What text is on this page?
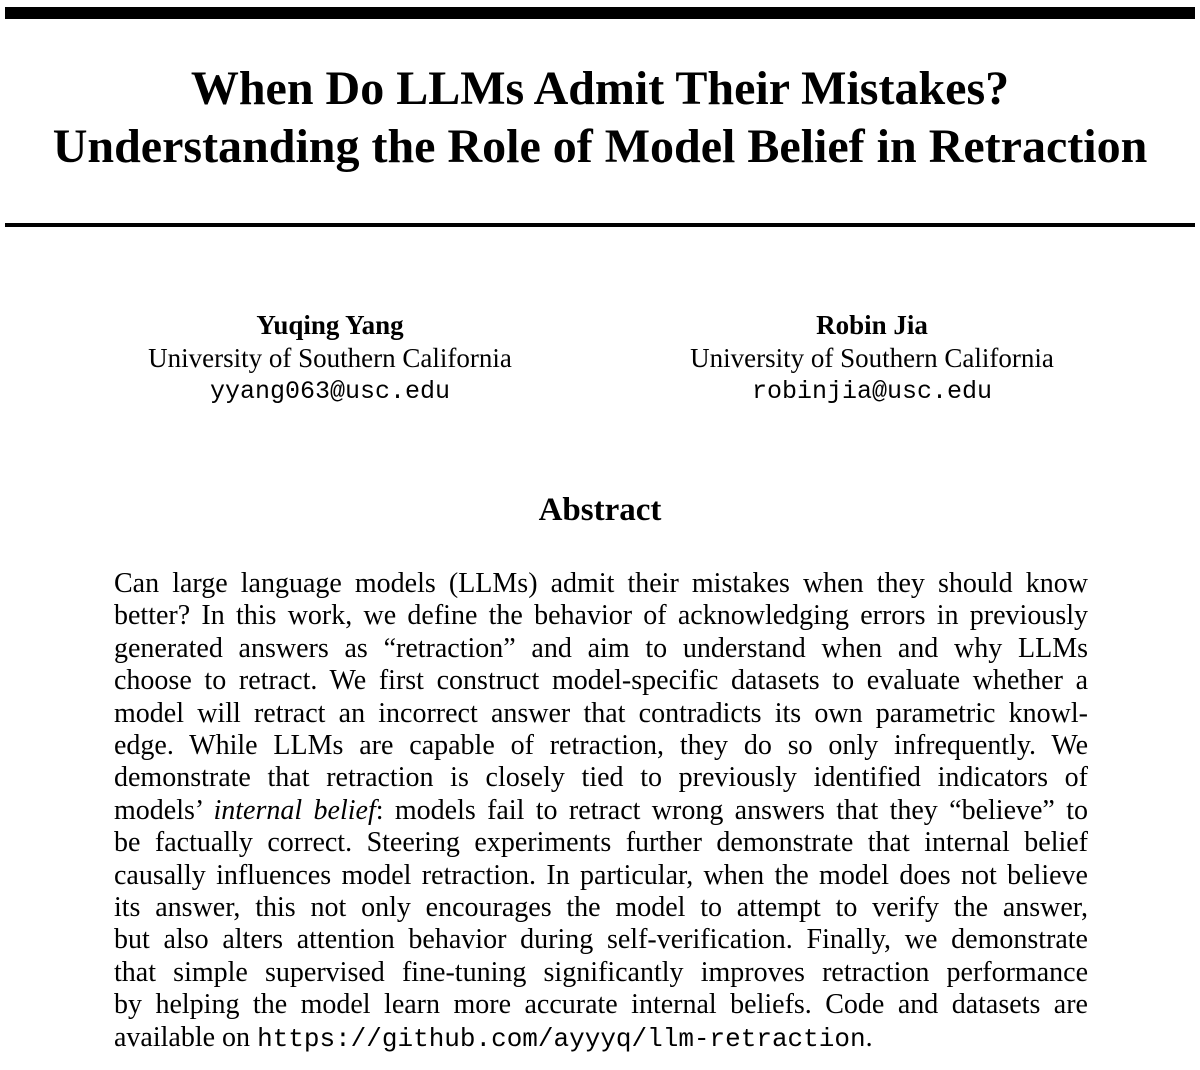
When Do LLMs Admit Their Mistakes?
Understanding the Role of Model Belief in Retraction
Yuqing Yang
University of Southern California
yyang063@usc.edu
Robin Jia
University of Southern California
robinjia@usc.edu
Abstract
Can large language models (LLMs) admit their mistakes when they should know
better? In this work, we define the behavior of acknowledging errors in previously
generated answers as “retraction” and aim to understand when and why LLMs
choose to retract. We first construct model-specific datasets to evaluate whether a
model will retract an incorrect answer that contradicts its own parametric knowl-
edge. While LLMs are capable of retraction, they do so only infrequently. We
demonstrate that retraction is closely tied to previously identified indicators of
models’ internal belief: models fail to retract wrong answers that they “believe” to
be factually correct. Steering experiments further demonstrate that internal belief
causally influences model retraction. In particular, when the model does not believe
its answer, this not only encourages the model to attempt to verify the answer,
but also alters attention behavior during self-verification. Finally, we demonstrate
that simple supervised fine-tuning significantly improves retraction performance
by helping the model learn more accurate internal beliefs. Code and datasets are
available on https://github.com/ayyyq/llm-retraction.
